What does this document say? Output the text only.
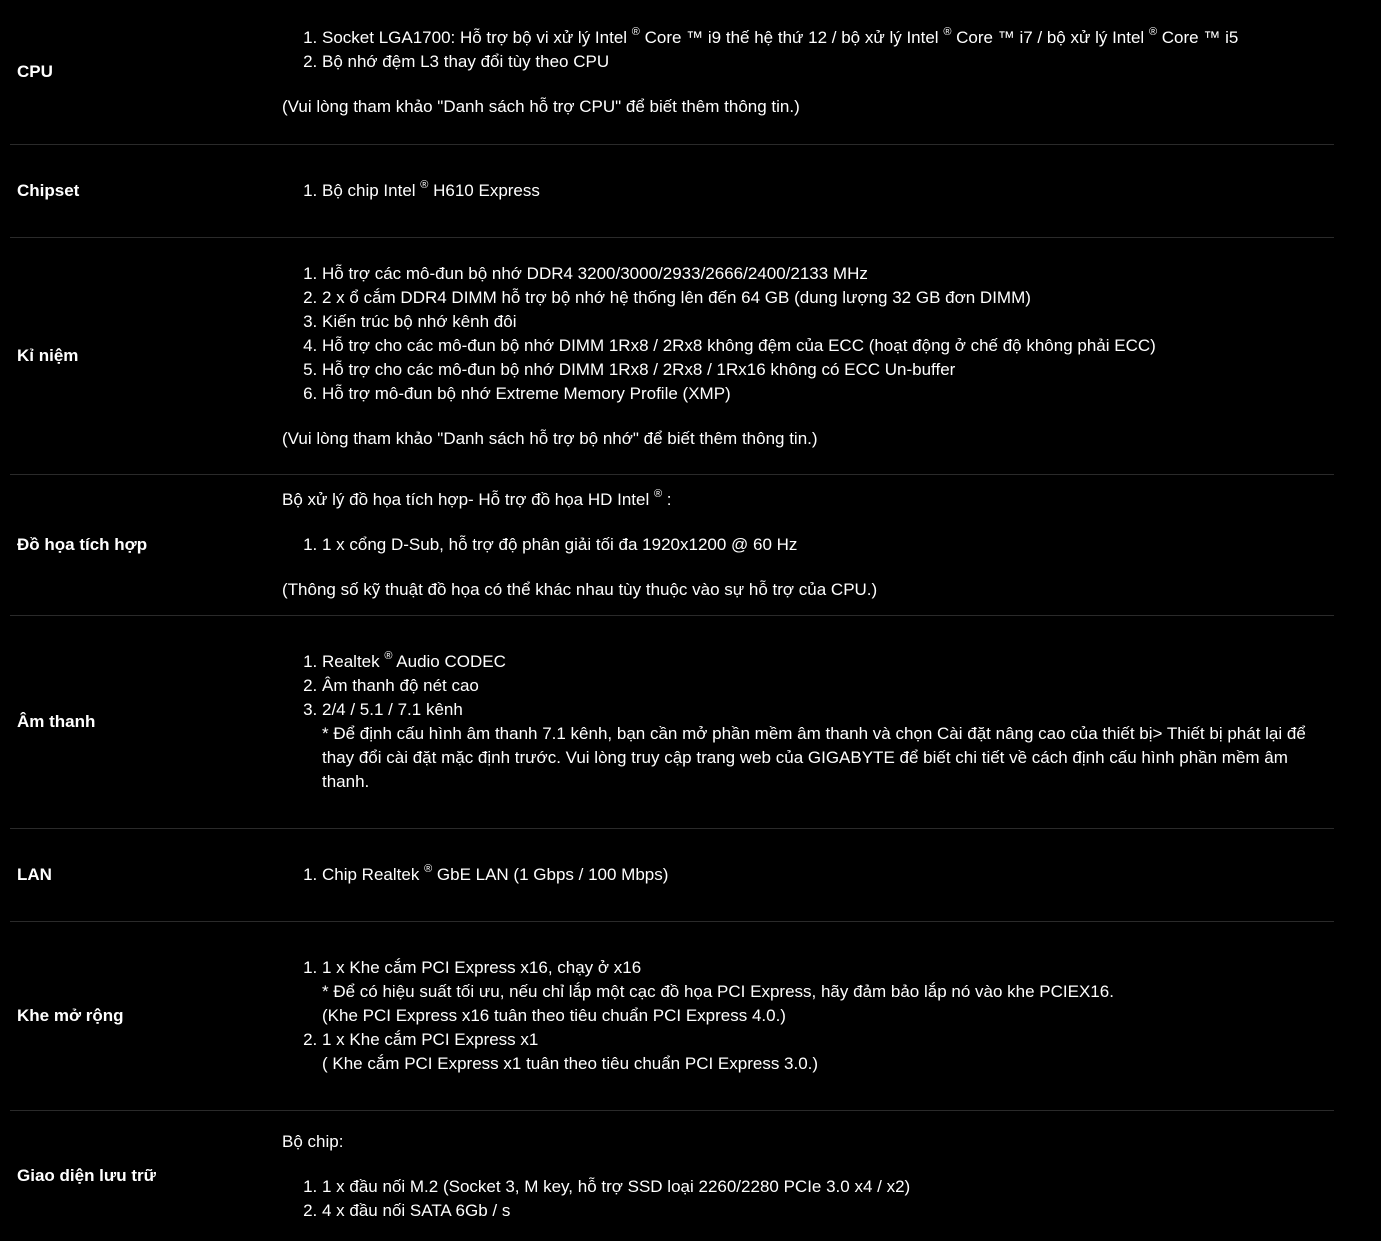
CPU
1. Socket LGA1700: Hỗ trợ bộ vi xử lý Intel ® Core ™ i9 thế hệ thứ 12 / bộ xử lý Intel ® Core ™ i7 / bộ xử lý Intel ® Core ™ i5
2. Bộ nhớ đệm L3 thay đổi tùy theo CPU
(Vui lòng tham khảo "Danh sách hỗ trợ CPU" để biết thêm thông tin.)
Chipset	1. Bộ chip Intel ® H610 Express
Kỉ niệm
1. Hỗ trợ các mô-đun bộ nhớ DDR4 3200/3000/2933/2666/2400/2133 MHz
2. 2 x ổ cắm DDR4 DIMM hỗ trợ bộ nhớ hệ thống lên đến 64 GB (dung lượng 32 GB đơn DIMM)
3. Kiến trúc bộ nhớ kênh đôi
4. Hỗ trợ cho các mô-đun bộ nhớ DIMM 1Rx8 / 2Rx8 không đệm của ECC (hoạt động ở chế độ không phải ECC)
5. Hỗ trợ cho các mô-đun bộ nhớ DIMM 1Rx8 / 2Rx8 / 1Rx16 không có ECC Un-buffer
6. Hỗ trợ mô-đun bộ nhớ Extreme Memory Profile (XMP)
(Vui lòng tham khảo "Danh sách hỗ trợ bộ nhớ" để biết thêm thông tin.)
Đồ họa tích hợp
Bộ xử lý đồ họa tích hợp- Hỗ trợ đồ họa HD Intel ® :
1. 1 x cổng D-Sub, hỗ trợ độ phân giải tối đa 1920x1200 @ 60 Hz
(Thông số kỹ thuật đồ họa có thể khác nhau tùy thuộc vào sự hỗ trợ của CPU.)
Âm thanh
1. Realtek ® Audio CODEC
2. Âm thanh độ nét cao
3. 2/4 / 5.1 / 7.1 kênh
* Để định cấu hình âm thanh 7.1 kênh, bạn cần mở phần mềm âm thanh và chọn Cài đặt nâng cao của thiết bị> Thiết bị phát lại để thay đổi cài đặt mặc định trước. Vui lòng truy cập trang web của GIGABYTE để biết chi tiết về cách định cấu hình phần mềm âm thanh.
LAN	1. Chip Realtek ® GbE LAN (1 Gbps / 100 Mbps)
Khe mở rộng
1. 1 x Khe cắm PCI Express x16, chạy ở x16
* Để có hiệu suất tối ưu, nếu chỉ lắp một cạc đồ họa PCI Express, hãy đảm bảo lắp nó vào khe PCIEX16.
(Khe PCI Express x16 tuân theo tiêu chuẩn PCI Express 4.0.)
2. 1 x Khe cắm PCI Express x1
( Khe cắm PCI Express x1 tuân theo tiêu chuẩn PCI Express 3.0.)
Giao diện lưu trữ
Bộ chip:
1. 1 x đầu nối M.2 (Socket 3, M key, hỗ trợ SSD loại 2260/2280 PCIe 3.0 x4 / x2)
2. 4 x đầu nối SATA 6Gb / s
